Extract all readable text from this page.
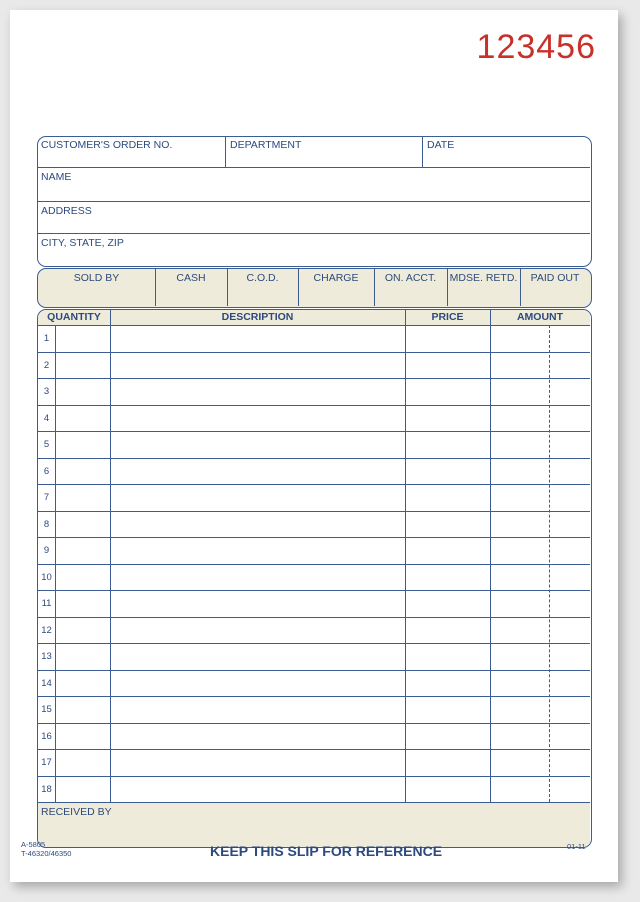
123456
CUSTOMER'S ORDER NO.	DEPARTMENT	DATE
NAME
ADDRESS
CITY, STATE, ZIP
SOLD BY	CASH	C.O.D.	CHARGE	ON. ACCT.	MDSE. RETD.	PAID OUT
QUANTITY	DESCRIPTION	PRICE	AMOUNT
1
2
3
4
5
6
7
8
9
10
11
12
13
14
15
16
17
18
RECEIVED BY
A-5805
T-46320/46350	KEEP THIS SLIP FOR REFERENCE	01-11
